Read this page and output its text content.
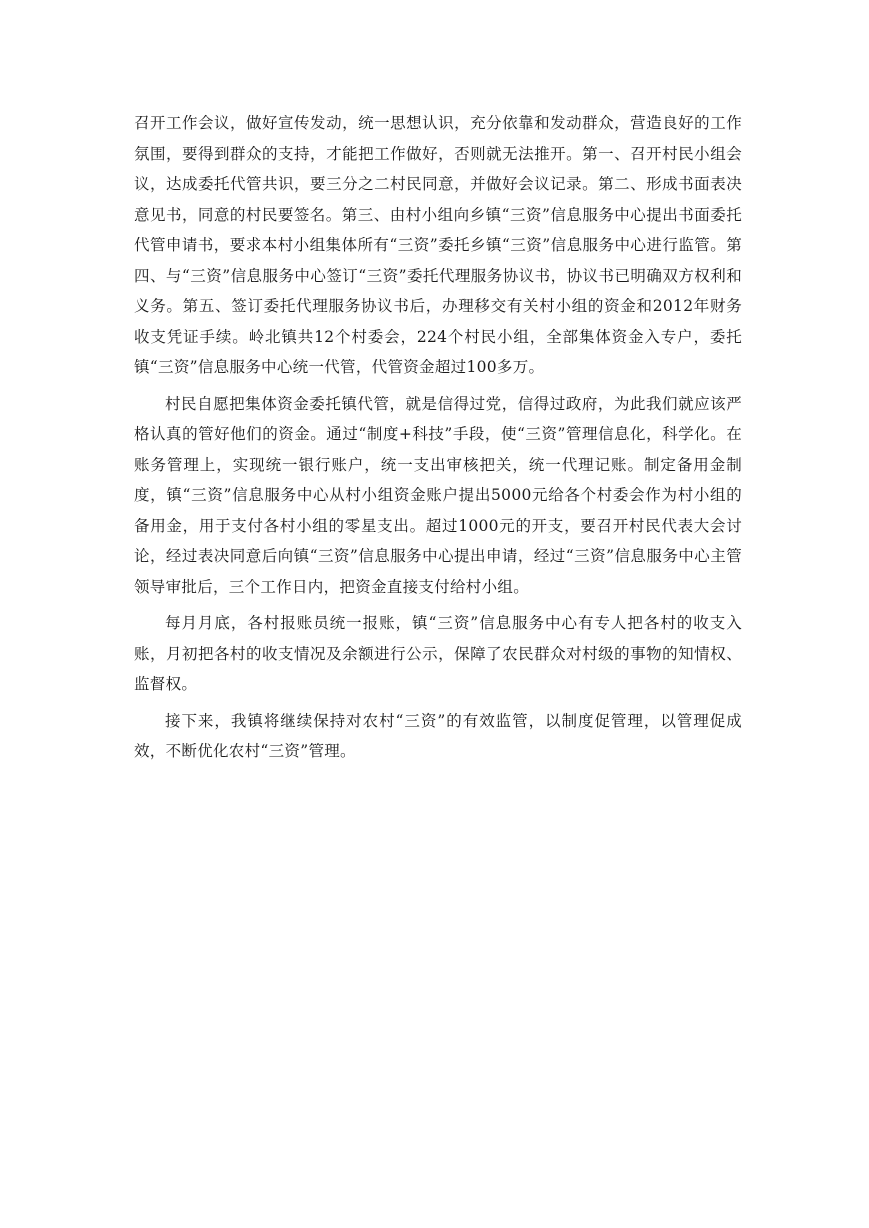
召开工作会议，做好宣传发动，统一思想认识，充分依靠和发动群众，营造良好的工作氛围，要得到群众的支持，才能把工作做好，否则就无法推开。第一、召开村民小组会议，达成委托代管共识，要三分之二村民同意，并做好会议记录。第二、形成书面表决意见书，同意的村民要签名。第三、由村小组向乡镇“三资”信息服务中心提出书面委托代管申请书，要求本村小组集体所有“三资”委托乡镇“三资”信息服务中心进行监管。第四、与“三资”信息服务中心签订“三资”委托代理服务协议书，协议书已明确双方权利和义务。第五、签订委托代理服务协议书后，办理移交有关村小组的资金和2012年财务收支凭证手续。岭北镇共12个村委会，224个村民小组，全部集体资金入专户，委托镇“三资”信息服务中心统一代管，代管资金超过100多万。

村民自愿把集体资金委托镇代管，就是信得过党，信得过政府，为此我们就应该严格认真的管好他们的资金。通过“制度+科技”手段，使“三资”管理信息化，科学化。在账务管理上，实现统一银行账户，统一支出审核把关，统一代理记账。制定备用金制度，镇“三资”信息服务中心从村小组资金账户提出5000元给各个村委会作为村小组的备用金，用于支付各村小组的零星支出。超过1000元的开支，要召开村民代表大会讨论，经过表决同意后向镇“三资”信息服务中心提出申请，经过“三资”信息服务中心主管领导审批后，三个工作日内，把资金直接支付给村小组。

每月月底，各村报账员统一报账，镇“三资”信息服务中心有专人把各村的收支入账，月初把各村的收支情况及余额进行公示，保障了农民群众对村级的事物的知情权、监督权。

接下来，我镇将继续保持对农村“三资”的有效监管，以制度促管理，以管理促成效，不断优化农村“三资”管理。
